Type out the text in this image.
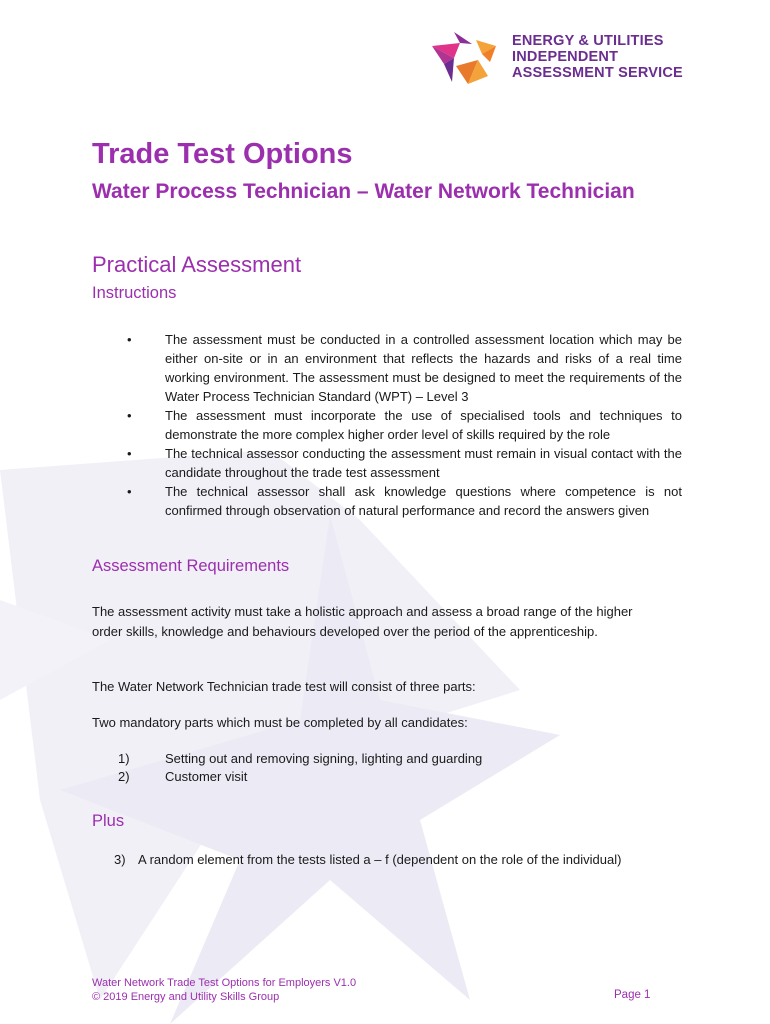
ENERGY & UTILITIES
INDEPENDENT
ASSESSMENT SERVICE
Trade Test Options
Water Process Technician – Water Network Technician
Practical Assessment
Instructions
•	The assessment must be conducted in a controlled assessment location which may be either on-site or in an environment that reflects the hazards and risks of a real time working environment. The assessment must be designed to meet the requirements of the Water Process Technician Standard (WPT) – Level 3
•	The assessment must incorporate the use of specialised tools and techniques to demonstrate the more complex higher order level of skills required by the role
•	The technical assessor conducting the assessment must remain in visual contact with the candidate throughout the trade test assessment
•	The technical assessor shall ask knowledge questions where competence is not confirmed through observation of natural performance and record the answers given
Assessment Requirements

The assessment activity must take a holistic approach and assess a broad range of the higher order skills, knowledge and behaviours developed over the period of the apprenticeship.

The Water Network Technician trade test will consist of three parts:

Two mandatory parts which must be completed by all candidates:

1)	Setting out and removing signing, lighting and guarding
2)	Customer visit
Plus
3) A random element from the tests listed a – f (dependent on the role of the individual)
Water Network Trade Test Options for Employers V1.0
© 2019 Energy and Utility Skills Group	Page 1
